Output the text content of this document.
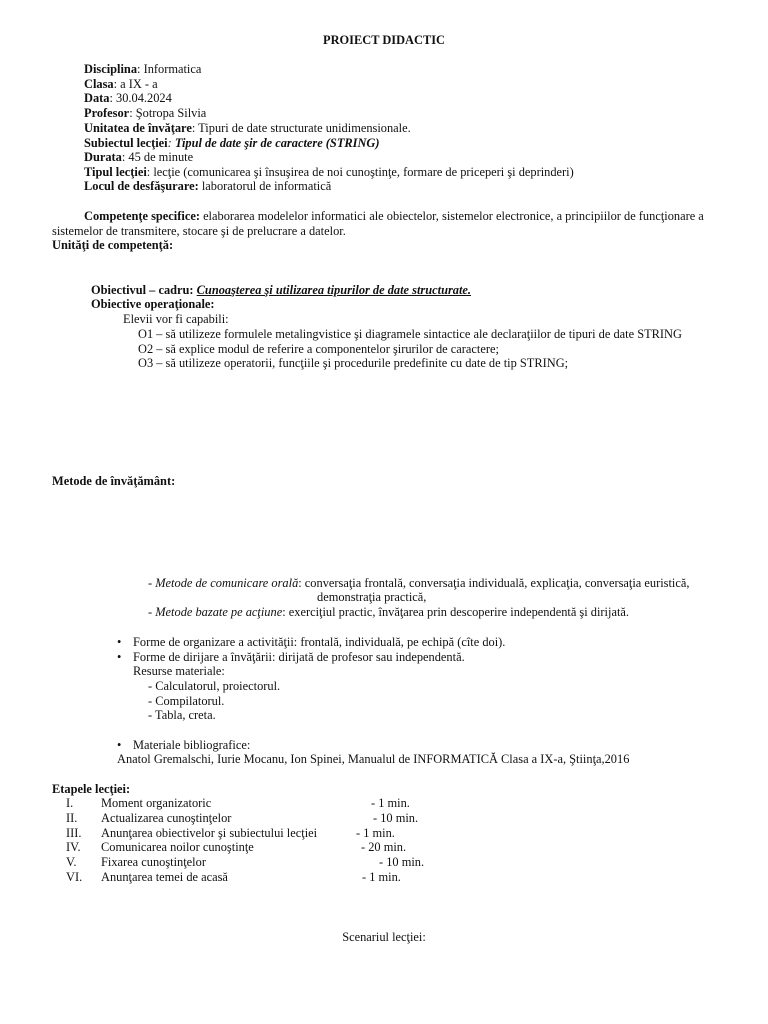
PROIECT DIDACTIC
Disciplina: Informatica
Clasa: a IX - a
Data: 30.04.2024
Profesor: Şotropa Silvia
Unitatea de învăţare: Tipuri de date structurate unidimensionale.
Subiectul lecţiei: Tipul de date şir de caractere (STRING)
Durata: 45 de minute
Tipul lecţiei: lecţie (comunicarea şi însuşirea de noi cunoştinţe, formare de priceperi şi deprinderi)
Locul de desfăşurare: laboratorul de informatică
Competenţe specifice: elaborarea modelelor informatici ale obiectelor, sistemelor electronice, a principiilor de funcţionare a sistemelor de transmitere, stocare şi de prelucrare a datelor.
Unităţi de competenţă:
Obiectivul – cadru: Cunoaşterea şi utilizarea tipurilor de date structurate.
Obiective operaţionale:
Elevii vor fi capabili:
O1 – să utilizeze formulele metalingvistice şi diagramele sintactice ale declaraţiilor de tipuri de date STRING
O2 – să explice modul de referire a componentelor şirurilor de caractere;
O3 – să utilizeze operatorii, funcţiile şi procedurile predefinite cu date de tip STRING;
Metode de învăţământ:
- Metode de comunicare orală: conversaţia frontală, conversaţia individuală, explicaţia, conversaţia euristică,
demonstraţia practică,
- Metode bazate pe acţiune: exerciţiul practic, învăţarea prin descoperire independentă şi dirijată.
Forme de organizare a activităţii: frontală, individuală, pe echipă (cîte doi).
Forme de dirijare a învăţării: dirijată de profesor sau independentă.
Resurse materiale:
- Calculatorul, proiectorul.
- Compilatorul.
- Tabla, creta.
Materiale bibliografice:
Anatol Gremalschi, Iurie Mocanu, Ion Spinei, Manualul de INFORMATICĂ Clasa a IX-a, Ştiinţa,2016
Etapele lecţiei:
I. Moment organizatoric	- 1 min.
II. Actualizarea cunoştinţelor	- 10 min.
III. Anunţarea obiectivelor şi subiectului lecţiei	- 1 min.
IV. Comunicarea noilor cunoştinţe	- 20 min.
V. Fixarea cunoştinţelor	- 10 min.
VI. Anunţarea temei de acasă	- 1 min.
Scenariul lecţiei:
